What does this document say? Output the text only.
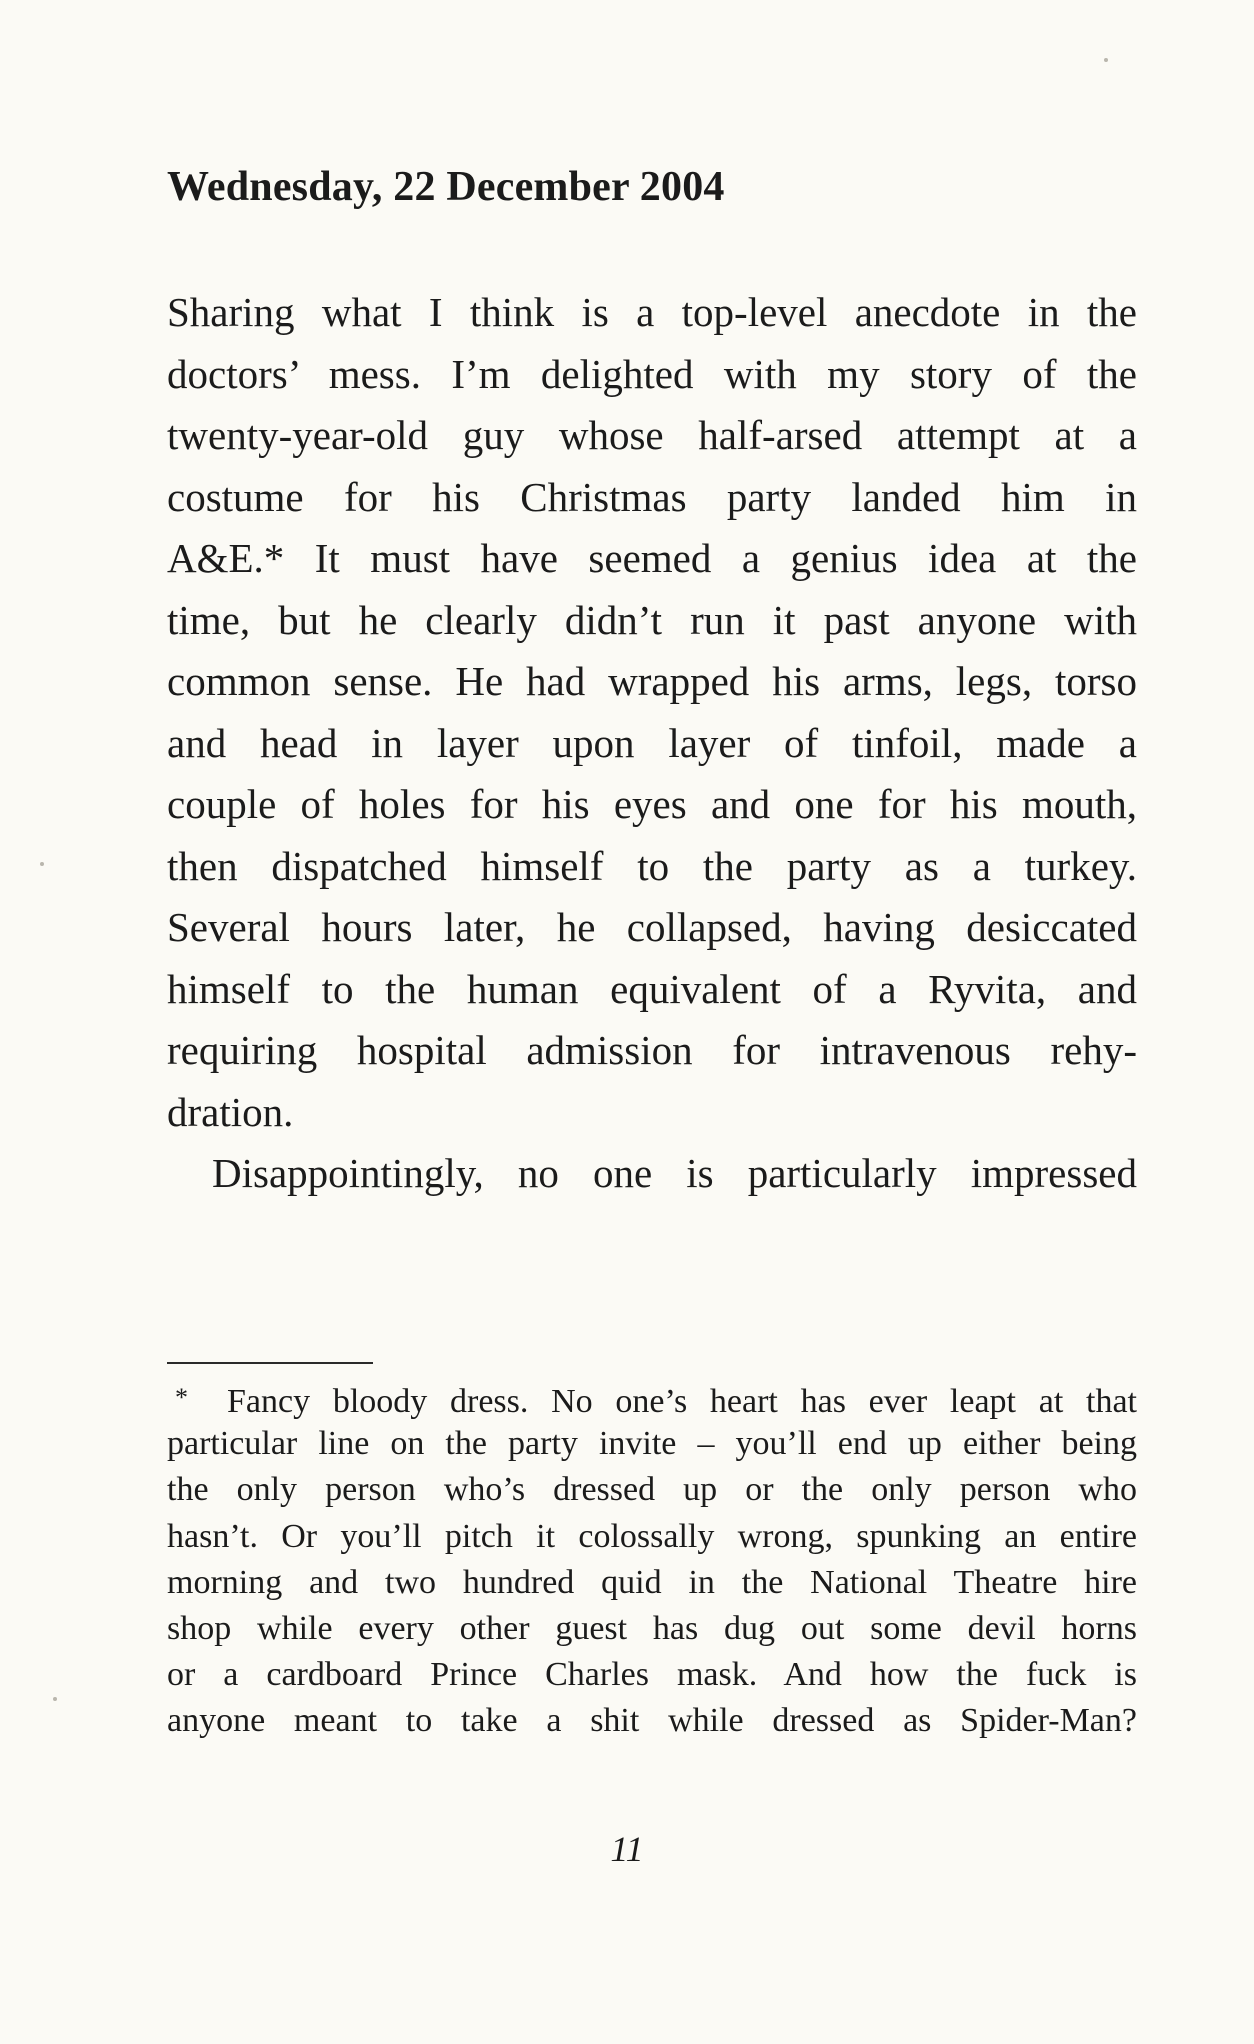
Wednesday, 22 December 2004
Sharing what I think is a top-level anecdote in the
doctors’ mess. I’m delighted with my story of the
twenty-year-old guy whose half-arsed attempt at a
costume for his Christmas party landed him in
A&E.* It must have seemed a genius idea at the
time, but he clearly didn’t run it past anyone with
common sense. He had wrapped his arms, legs, torso
and head in layer upon layer of tinfoil, made a
couple of holes for his eyes and one for his mouth,
then dispatched himself to the party as a turkey.
Several hours later, he collapsed, having desiccated
himself to the human equivalent of a Ryvita, and
requiring hospital admission for intravenous rehy-
dration.
Disappointingly, no one is particularly impressed
* Fancy bloody dress. No one’s heart has ever leapt at that
particular line on the party invite – you’ll end up either being
the only person who’s dressed up or the only person who
hasn’t. Or you’ll pitch it colossally wrong, spunking an entire
morning and two hundred quid in the National Theatre hire
shop while every other guest has dug out some devil horns
or a cardboard Prince Charles mask. And how the fuck is
anyone meant to take a shit while dressed as Spider-Man?
11
